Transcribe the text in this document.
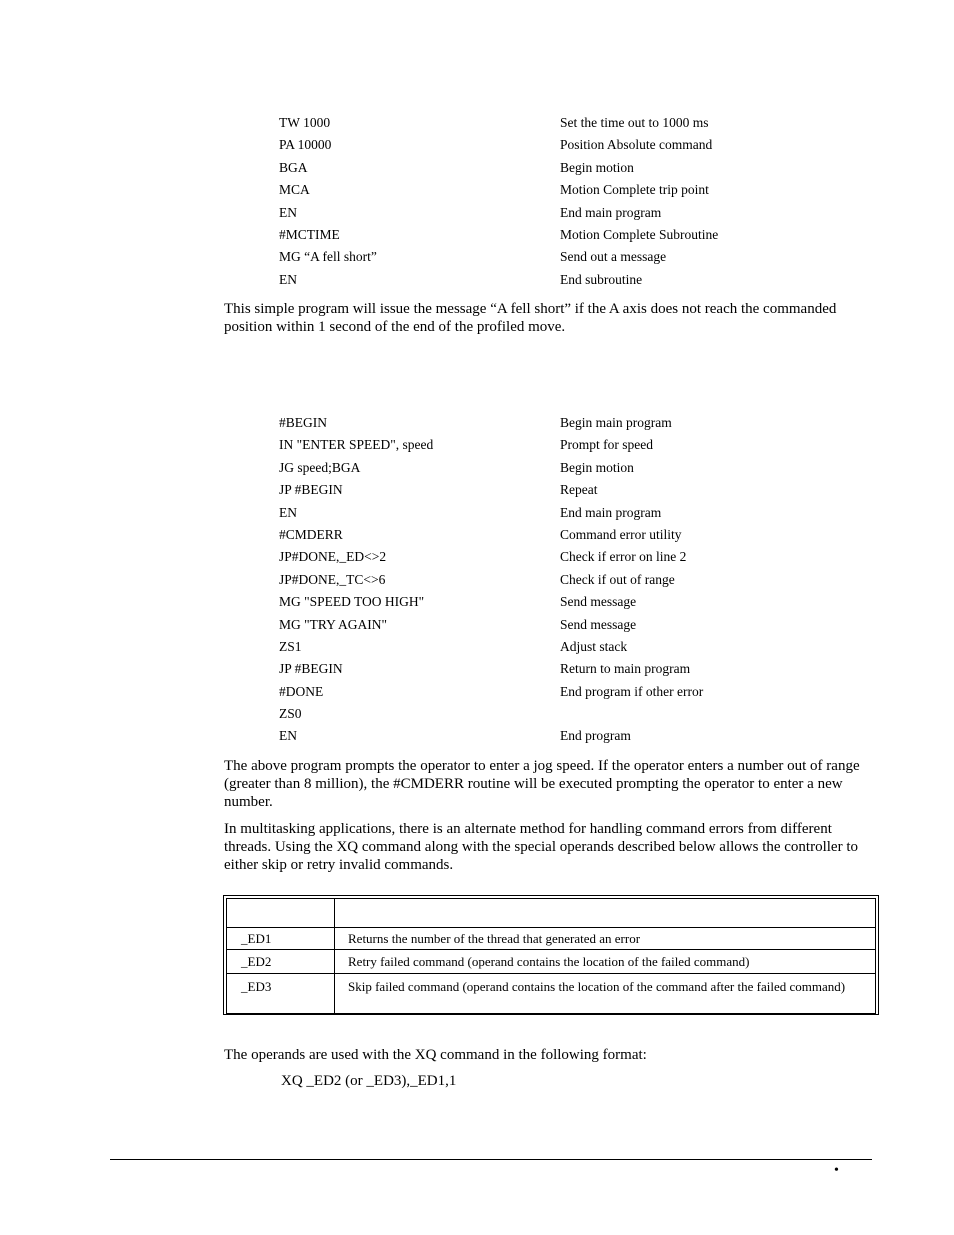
TW 1000	Set the time out to 1000 ms
PA 10000	Position Absolute command
BGA	Begin motion
MCA	Motion Complete trip point
EN	End main program
#MCTIME	Motion Complete Subroutine
MG “A fell short”	Send out a message
EN	End subroutine

This simple program will issue the message “A fell short” if the A axis does not reach the commanded position within 1 second of the end of the profiled move.

#BEGIN	Begin main program
IN "ENTER SPEED", speed	Prompt for speed
JG speed;BGA	Begin motion
JP #BEGIN	Repeat
EN	End main program
#CMDERR	Command error utility
JP#DONE,_ED<>2	Check if error on line 2
JP#DONE,_TC<>6	Check if out of range
MG "SPEED TOO HIGH"	Send message
MG "TRY AGAIN"	Send message
ZS1	Adjust stack
JP #BEGIN	Return to main program
#DONE	End program if other error
ZS0
EN	End program

The above program prompts the operator to enter a jog speed. If the operator enters a number out of range (greater than 8 million), the #CMDERR routine will be executed prompting the operator to enter a new number.

In multitasking applications, there is an alternate method for handling command errors from different threads. Using the XQ command along with the special operands described below allows the controller to either skip or retry invalid commands.

_ED1	Returns the number of the thread that generated an error
_ED2	Retry failed command (operand contains the location of the failed command)
_ED3	Skip failed command (operand contains the location of the command after the failed command)

The operands are used with the XQ command in the following format:

XQ _ED2 (or _ED3),_ED1,1
•
